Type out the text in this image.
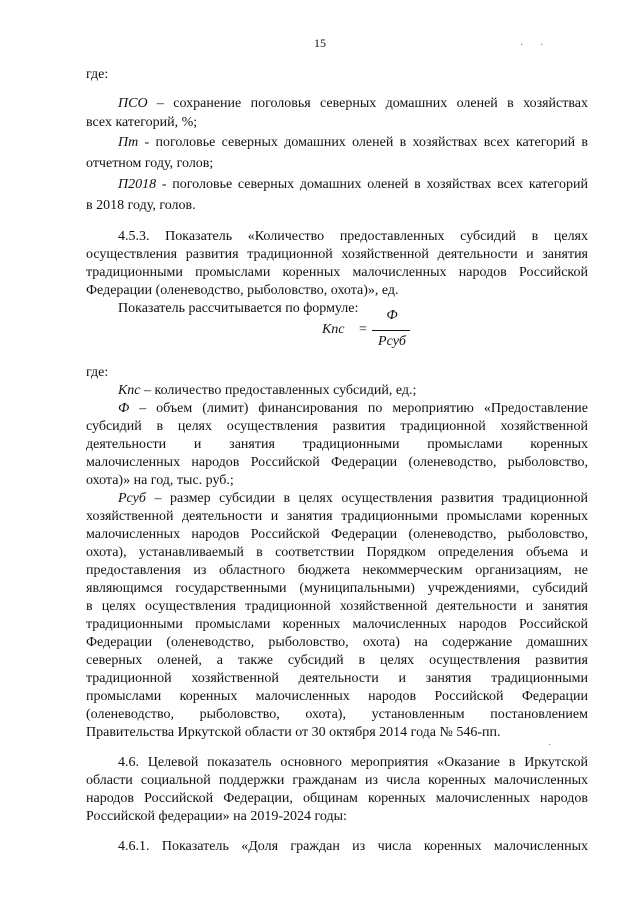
15	· ·
·
где:
ПСО – сохранение поголовья северных домашних оленей в хозяйствах
всех категорий, %;
Пт - поголовье северных домашних оленей в хозяйствах всех категорий в
отчетном году, голов;
П2018 - поголовье северных домашних оленей в хозяйствах всех категорий
в 2018 году, голов.
4.5.3. Показатель «Количество предоставленных субсидий в целях
осуществления развития традиционной хозяйственной деятельности и занятия
традиционными промыслами коренных малочисленных народов Российской
Федерации (оленеводство, рыболовство, охота)», ед.
Показатель рассчитывается по формуле:
где:
Кпс – количество предоставленных субсидий, ед.;
Ф – объем (лимит) финансирования по мероприятию «Предоставление
субсидий в целях осуществления развития традиционной хозяйственной
деятельности и занятия традиционными промыслами коренных
малочисленных народов Российской Федерации (оленеводство, рыболовство,
охота)» на год, тыс. руб.;
Рсуб – размер субсидии в целях осуществления развития традиционной
хозяйственной деятельности и занятия традиционными промыслами коренных
малочисленных народов Российской Федерации (оленеводство, рыболовство,
охота), устанавливаемый в соответствии Порядком определения объема и
предоставления из областного бюджета некоммерческим организациям, не
являющимся государственными (муниципальными) учреждениями, субсидий
в целях осуществления традиционной хозяйственной деятельности и занятия
традиционными промыслами коренных малочисленных народов Российской
Федерации (оленеводство, рыболовство, охота) на содержание домашних
северных оленей, а также субсидий в целях осуществления развития
традиционной хозяйственной деятельности и занятия традиционными
промыслами коренных малочисленных народов Российской Федерации
(оленеводство, рыболовство, охота), установленным постановлением
Правительства Иркутской области от 30 октября 2014 года № 546-пп.
4.6. Целевой показатель основного мероприятия «Оказание в Иркутской
области социальной поддержки гражданам из числа коренных малочисленных
народов Российской Федерации, общинам коренных малочисленных народов
Российской федерации» на 2019-2024 годы:
4.6.1. Показатель «Доля граждан из числа коренных малочисленных
Кпс =
Ф
Рсуб
